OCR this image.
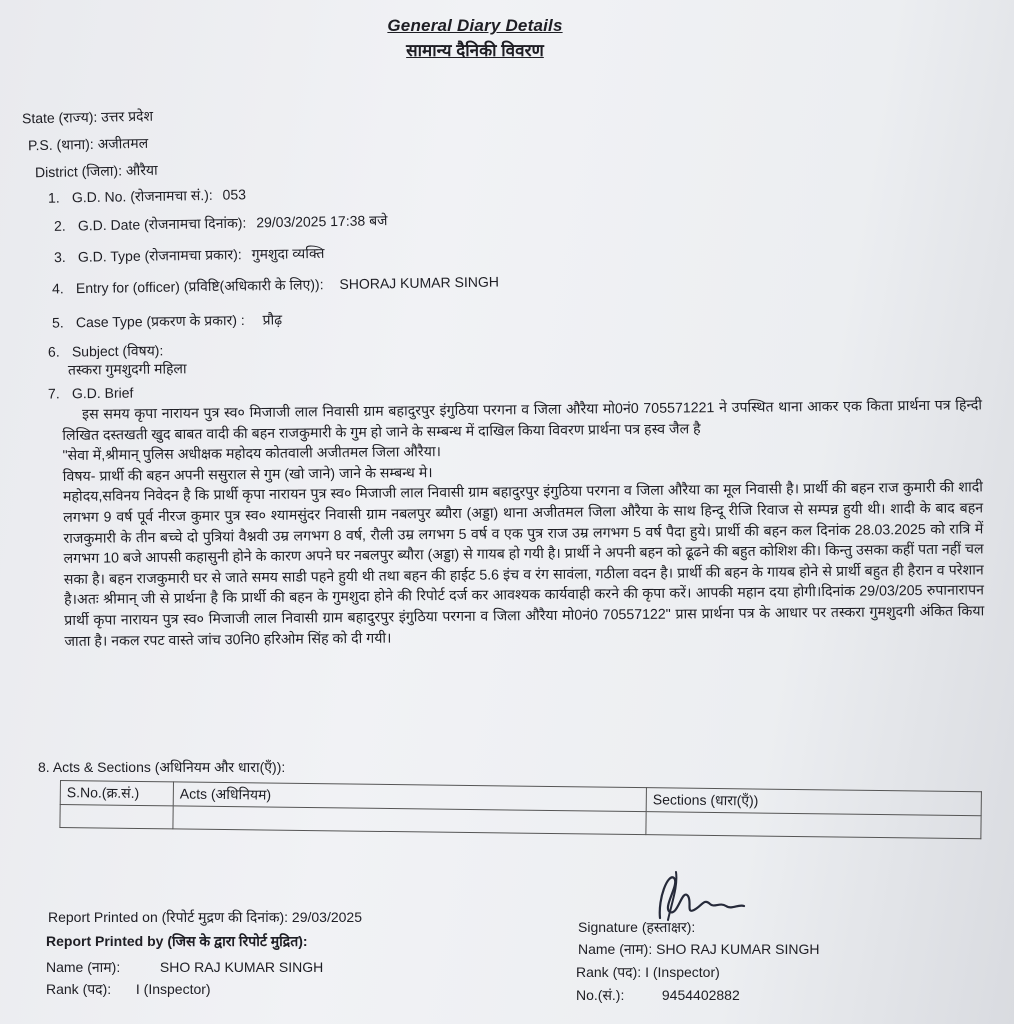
General Diary Details
सामान्य दैनिकी विवरण
State (राज्य): उत्तर प्रदेश
P.S. (थाना): अजीतमल
District (जिला): औरैया
1. G.D. No. (रोजनामचा सं.): 053
2. G.D. Date (रोजनामचा दिनांक): 29/03/2025 17:38 बजे
3. G.D. Type (रोजनामचा प्रकार): गुमशुदा व्यक्ति
4. Entry for (officer) (प्रविष्टि(अधिकारी के लिए)): SHORAJ KUMAR SINGH
5. Case Type (प्रकरण के प्रकार) : प्रौढ़
6. Subject (विषय):
तस्करा गुमशुदगी महिला
7. G.D. Brief

इस समय कृपा नारायन पुत्र स्व० मिजाजी लाल निवासी ग्राम बहादुरपुर इंगुठिया परगना व जिला औरैया मो0नं0 705571221 ने उपस्थित थाना आकर एक किता प्रार्थना पत्र हिन्दी लिखित दस्तखती खुद बाबत वादी की बहन राजकुमारी के गुम हो जाने के सम्बन्ध में दाखिल किया विवरण प्रार्थना पत्र हस्व जैल है

"सेवा में,श्रीमान् पुलिस अधीक्षक महोदय कोतवाली अजीतमल जिला औरैया।

विषय- प्रार्थी की बहन अपनी ससुराल से गुम (खो जाने) जाने के सम्बन्ध मे।

महोदय,सविनय निवेदन है कि प्रार्थी कृपा नारायन पुत्र स्व० मिजाजी लाल निवासी ग्राम बहादुरपुर इंगुठिया परगना व जिला औरैया का मूल निवासी है। प्रार्थी की बहन राज कुमारी की शादी लगभग 9 वर्ष पूर्व नीरज कुमार पुत्र स्व० श्यामसुंदर निवासी ग्राम नबलपुर ब्यौरा (अड्डा) थाना अजीतमल जिला औरैया के साथ हिन्दू रीजि रिवाज से सम्पन्न हुयी थी। शादी के बाद बहन राजकुमारी के तीन बच्चे दो पुत्रियां वैश्नवी उम्र लगभग 8 वर्ष, रौली उम्र लगभग 5 वर्ष व एक पुत्र राज उम्र लगभग 5 वर्ष पैदा हुये। प्रार्थी की बहन कल दिनांक 28.03.2025 को रात्रि में लगभग 10 बजे आपसी कहासुनी होने के कारण अपने घर नबलपुर ब्यौरा (अड्डा) से गायब हो गयी है। प्रार्थी ने अपनी बहन को ढूढने की बहुत कोशिश की। किन्तु उसका कहीं पता नहीं चल सका है। बहन राजकुमारी घर से जाते समय साडी पहने हुयी थी तथा बहन की हाईट 5.6 इंच व रंग सावंला, गठीला वदन है। प्रार्थी की बहन के गायब होने से प्रार्थी बहुत ही हैरान व परेशान है।अतः श्रीमान् जी से प्रार्थना है कि प्रार्थी की बहन के गुमशुदा होने की रिपोर्ट दर्ज कर आवश्यक कार्यवाही करने की कृपा करें। आपकी महान दया होगी।दिनांक 29/03/205 रुपानारापन प्रार्थी कृपा नारायन पुत्र स्व० मिजाजी लाल निवासी ग्राम बहादुरपुर इंगुठिया परगना व जिला औरैया मो0नं0 70557122" प्रास प्रार्थना पत्र के आधार पर तस्करा गुमशुदगी अंकित किया जाता है। नकल रपट वास्ते जांच उ0नि0 हरिओम सिंह को दी गयी।

8. Acts & Sections (अधिनियम और धारा(एँ)):
S.No.(क्र.सं.)	Acts (अधिनियम)	Sections (धारा(एँ))

Report Printed on (रिपोर्ट मुद्रण की दिनांक): 29/03/2025
Report Printed by (जिस के द्वारा रिपोर्ट मुद्रित):
Name (नाम):	SHO RAJ KUMAR SINGH
Rank (पद): I (Inspector)
Signature (हस्ताक्षर):
Name (नाम): SHO RAJ KUMAR SINGH
Rank (पद): I (Inspector)
No.(सं.):	9454402882
